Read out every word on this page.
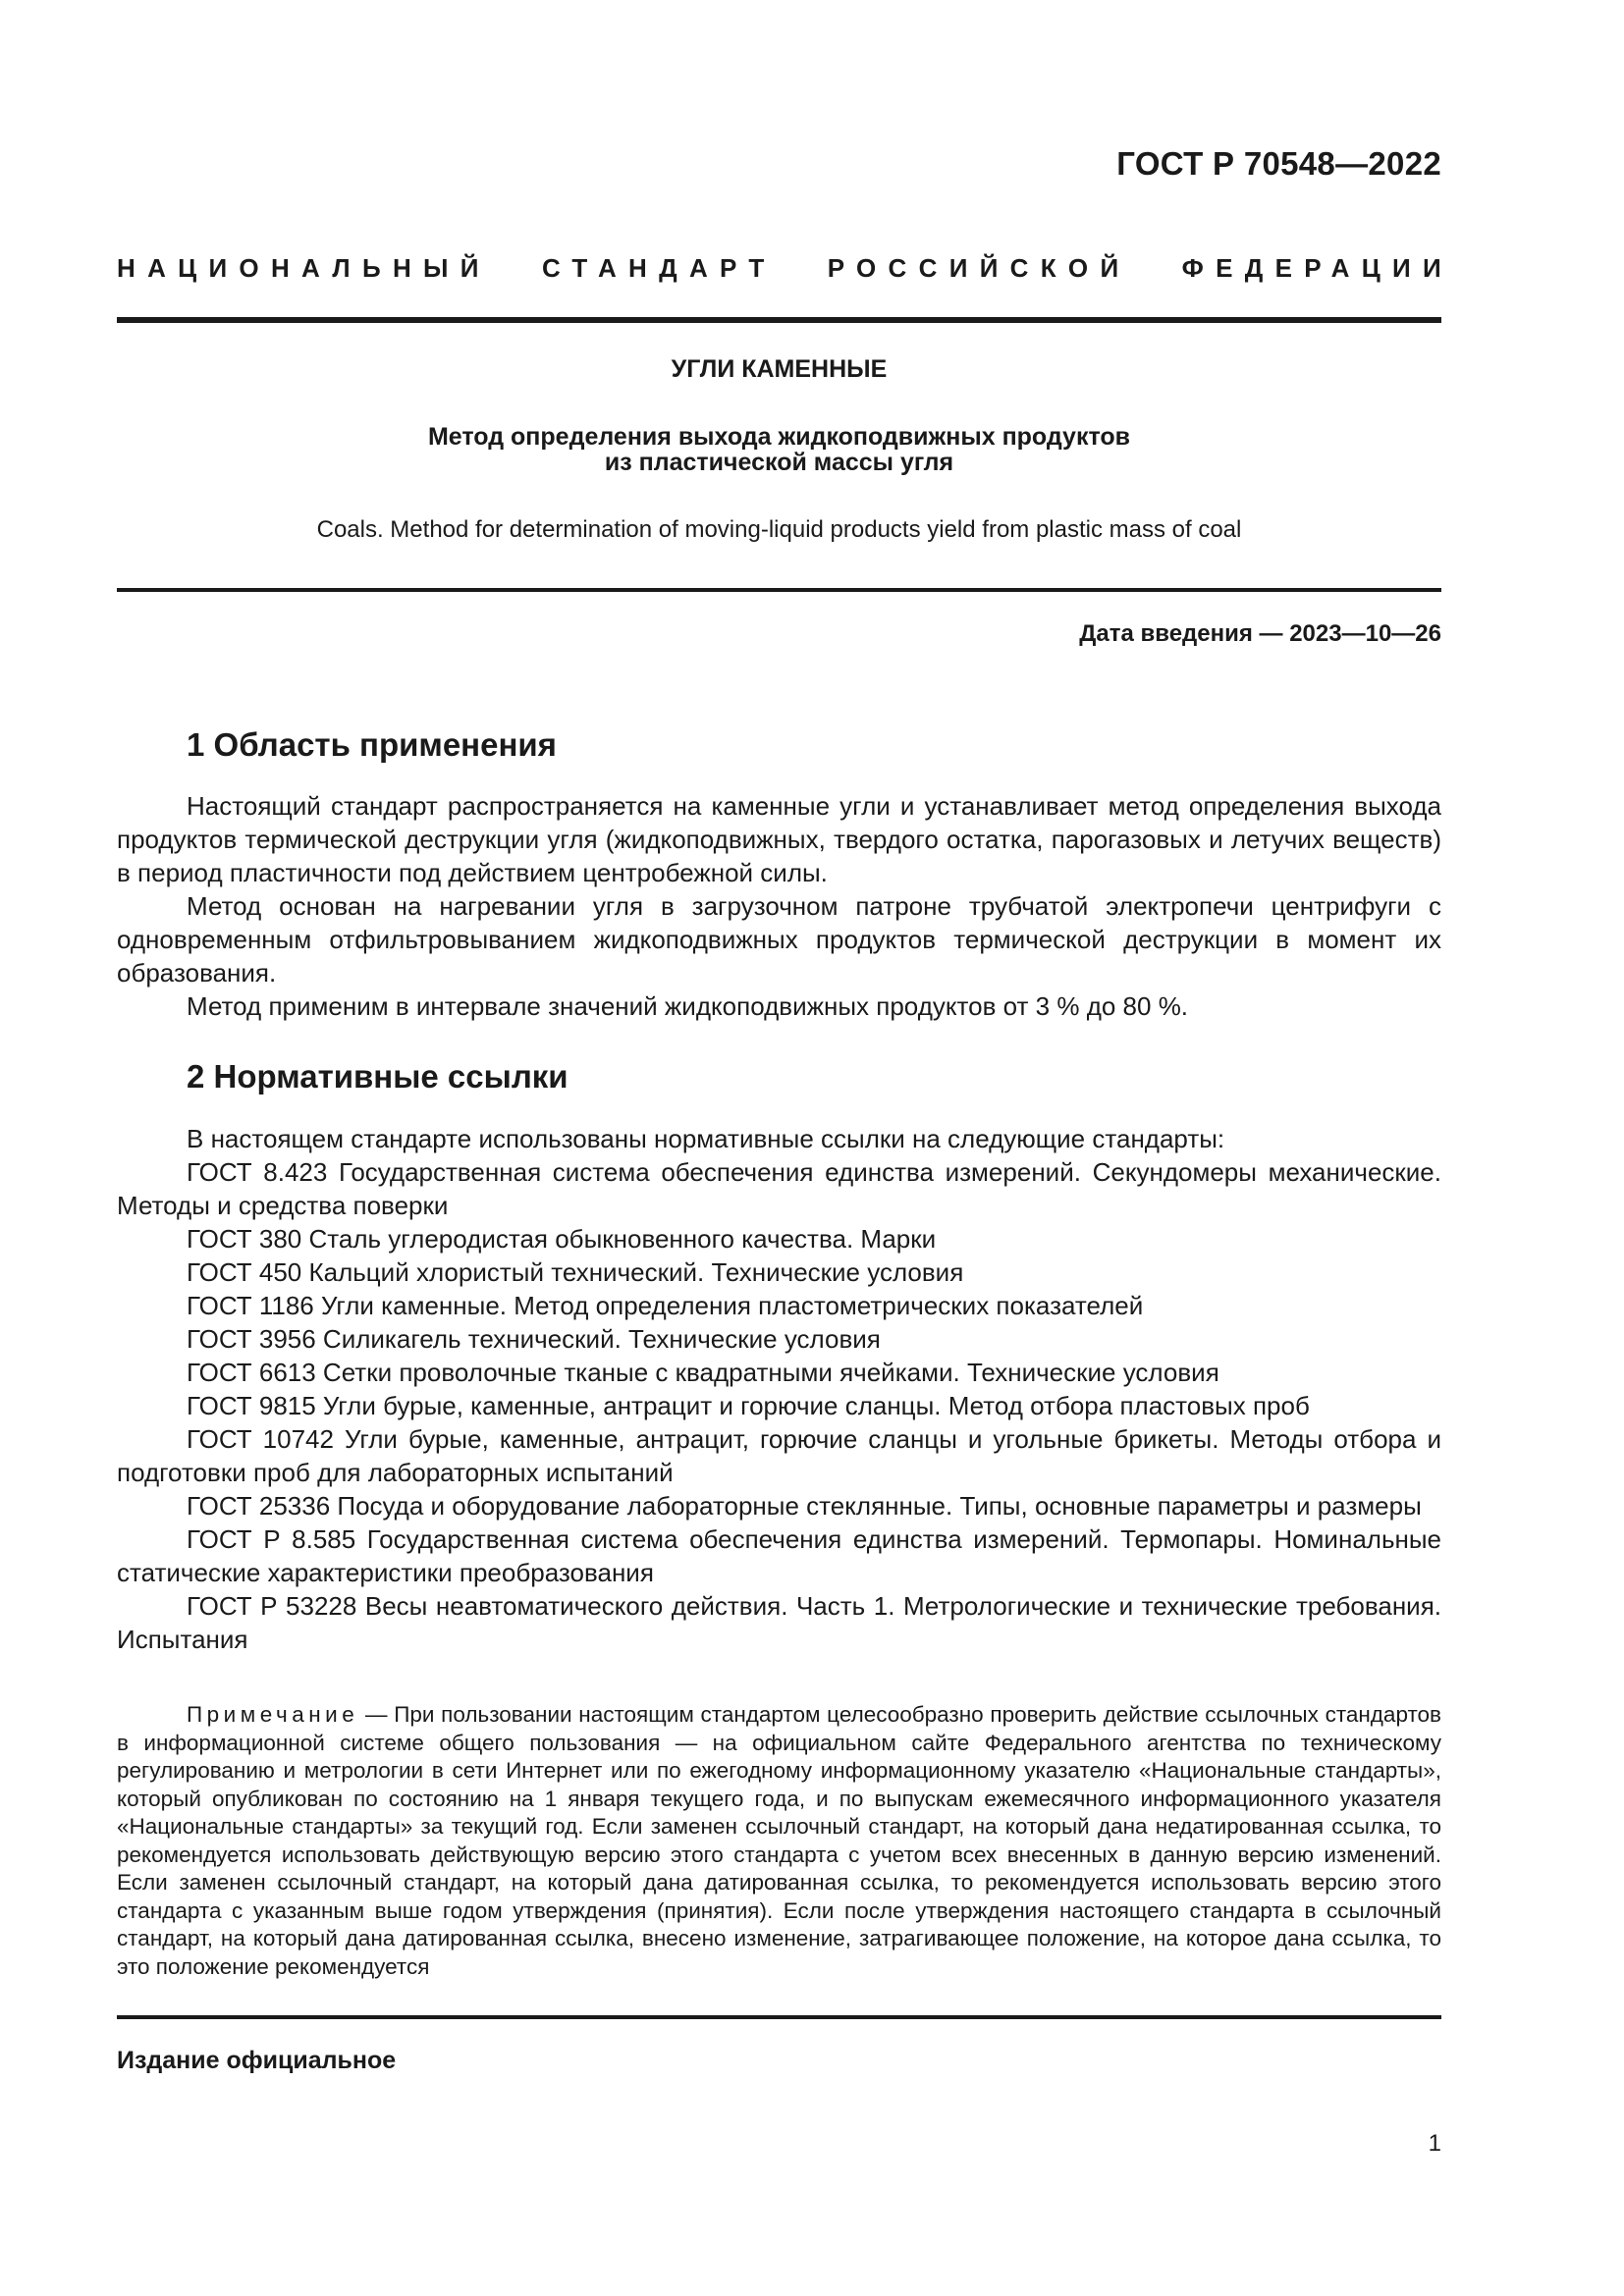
ГОСТ Р 70548—2022
НАЦИОНАЛЬНЫЙ СТАНДАРТ РОССИЙСКОЙ ФЕДЕРАЦИИ
УГЛИ КАМЕННЫЕ
Метод определения выхода жидкоподвижных продуктов
из пластической массы угля
Coals. Method for determination of moving-liquid products yield from plastic mass of coal
Дата введения — 2023—10—26
1 Область применения

Настоящий стандарт распространяется на каменные угли и устанавливает метод определения выхода продуктов термической деструкции угля (жидкоподвижных, твердого остатка, парогазовых и летучих веществ) в период пластичности под действием центробежной силы.

Метод основан на нагревании угля в загрузочном патроне трубчатой электропечи центрифуги с одновременным отфильтровыванием жидкоподвижных продуктов термической деструкции в момент их образования.

Метод применим в интервале значений жидкоподвижных продуктов от 3 % до 80 %.

2 Нормативные ссылки

В настоящем стандарте использованы нормативные ссылки на следующие стандарты:

ГОСТ 8.423 Государственная система обеспечения единства измерений. Секундомеры механические. Методы и средства поверки

ГОСТ 380 Сталь углеродистая обыкновенного качества. Марки

ГОСТ 450 Кальций хлористый технический. Технические условия

ГОСТ 1186 Угли каменные. Метод определения пластометрических показателей

ГОСТ 3956 Силикагель технический. Технические условия

ГОСТ 6613 Сетки проволочные тканые с квадратными ячейками. Технические условия

ГОСТ 9815 Угли бурые, каменные, антрацит и горючие сланцы. Метод отбора пластовых проб

ГОСТ 10742 Угли бурые, каменные, антрацит, горючие сланцы и угольные брикеты. Методы отбора и подготовки проб для лабораторных испытаний

ГОСТ 25336 Посуда и оборудование лабораторные стеклянные. Типы, основные параметры и размеры

ГОСТ Р 8.585 Государственная система обеспечения единства измерений. Термопары. Номинальные статические характеристики преобразования

ГОСТ Р 53228 Весы неавтоматического действия. Часть 1. Метрологические и технические требования. Испытания

Примечание — При пользовании настоящим стандартом целесообразно проверить действие ссылочных стандартов в информационной системе общего пользования — на официальном сайте Федерального агентства по техническому регулированию и метрологии в сети Интернет или по ежегодному информационному указателю «Национальные стандарты», который опубликован по состоянию на 1 января текущего года, и по выпускам ежемесячного информационного указателя «Национальные стандарты» за текущий год. Если заменен ссылочный стандарт, на который дана недатированная ссылка, то рекомендуется использовать действующую версию этого стандарта с учетом всех внесенных в данную версию изменений. Если заменен ссылочный стандарт, на который дана датированная ссылка, то рекомендуется использовать версию этого стандарта с указанным выше годом утверждения (принятия). Если после утверждения настоящего стандарта в ссылочный стандарт, на который дана датированная ссылка, внесено изменение, затрагивающее положение, на которое дана ссылка, то это положение рекомендуется

Издание официальное
1
